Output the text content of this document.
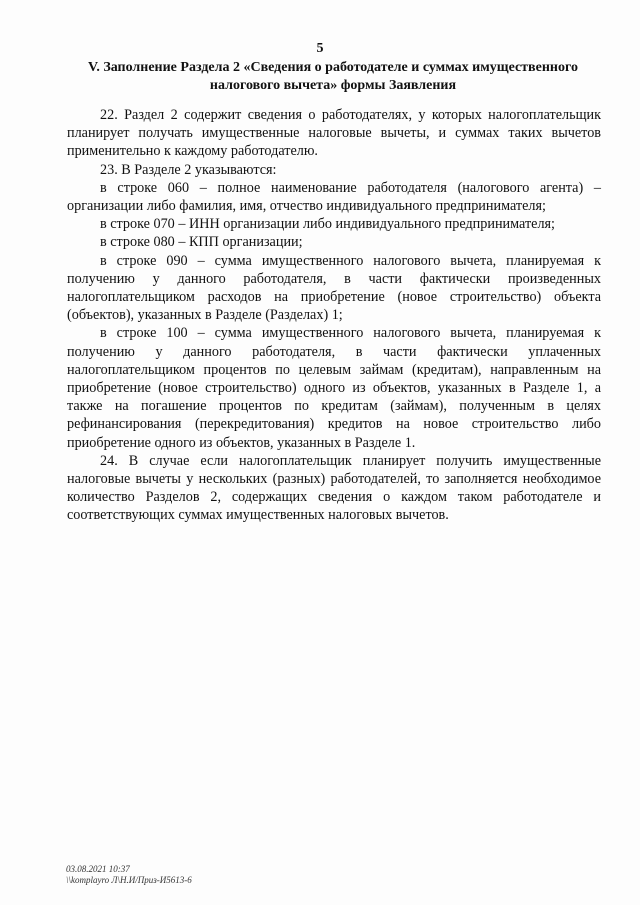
5
V. Заполнение Раздела 2 «Сведения о работодателе и суммах имущественного налогового вычета» формы Заявления

22. Раздел 2 содержит сведения о работодателях, у которых налогоплательщик планирует получать имущественные налоговые вычеты, и суммах таких вычетов применительно к каждому работодателю.

23. В Разделе 2 указываются:

в строке 060 – полное наименование работодателя (налогового агента) – организации либо фамилия, имя, отчество индивидуального предпринимателя;

в строке 070 – ИНН организации либо индивидуального предпринимателя;

в строке 080 – КПП организации;

в строке 090 – сумма имущественного налогового вычета, планируемая к получению у данного работодателя, в части фактически произведенных налогоплательщиком расходов на приобретение (новое строительство) объекта (объектов), указанных в Разделе (Разделах) 1;

в строке 100 – сумма имущественного налогового вычета, планируемая к получению у данного работодателя, в части фактически уплаченных налогоплательщиком процентов по целевым займам (кредитам), направленным на приобретение (новое строительство) одного из объектов, указанных в Разделе 1, а также на погашение процентов по кредитам (займам), полученным в целях рефинансирования (перекредитования) кредитов на новое строительство либо приобретение одного из объектов, указанных в Разделе 1.

24. В случае если налогоплательщик планирует получить имущественные налоговые вычеты у нескольких (разных) работодателей, то заполняется необходимое количество Разделов 2, содержащих сведения о каждом таком работодателе и соответствующих суммах имущественных налоговых вычетов.

03.08.2021 10:37
\\komplayro Л\Н.И/Приз-И5613-6
